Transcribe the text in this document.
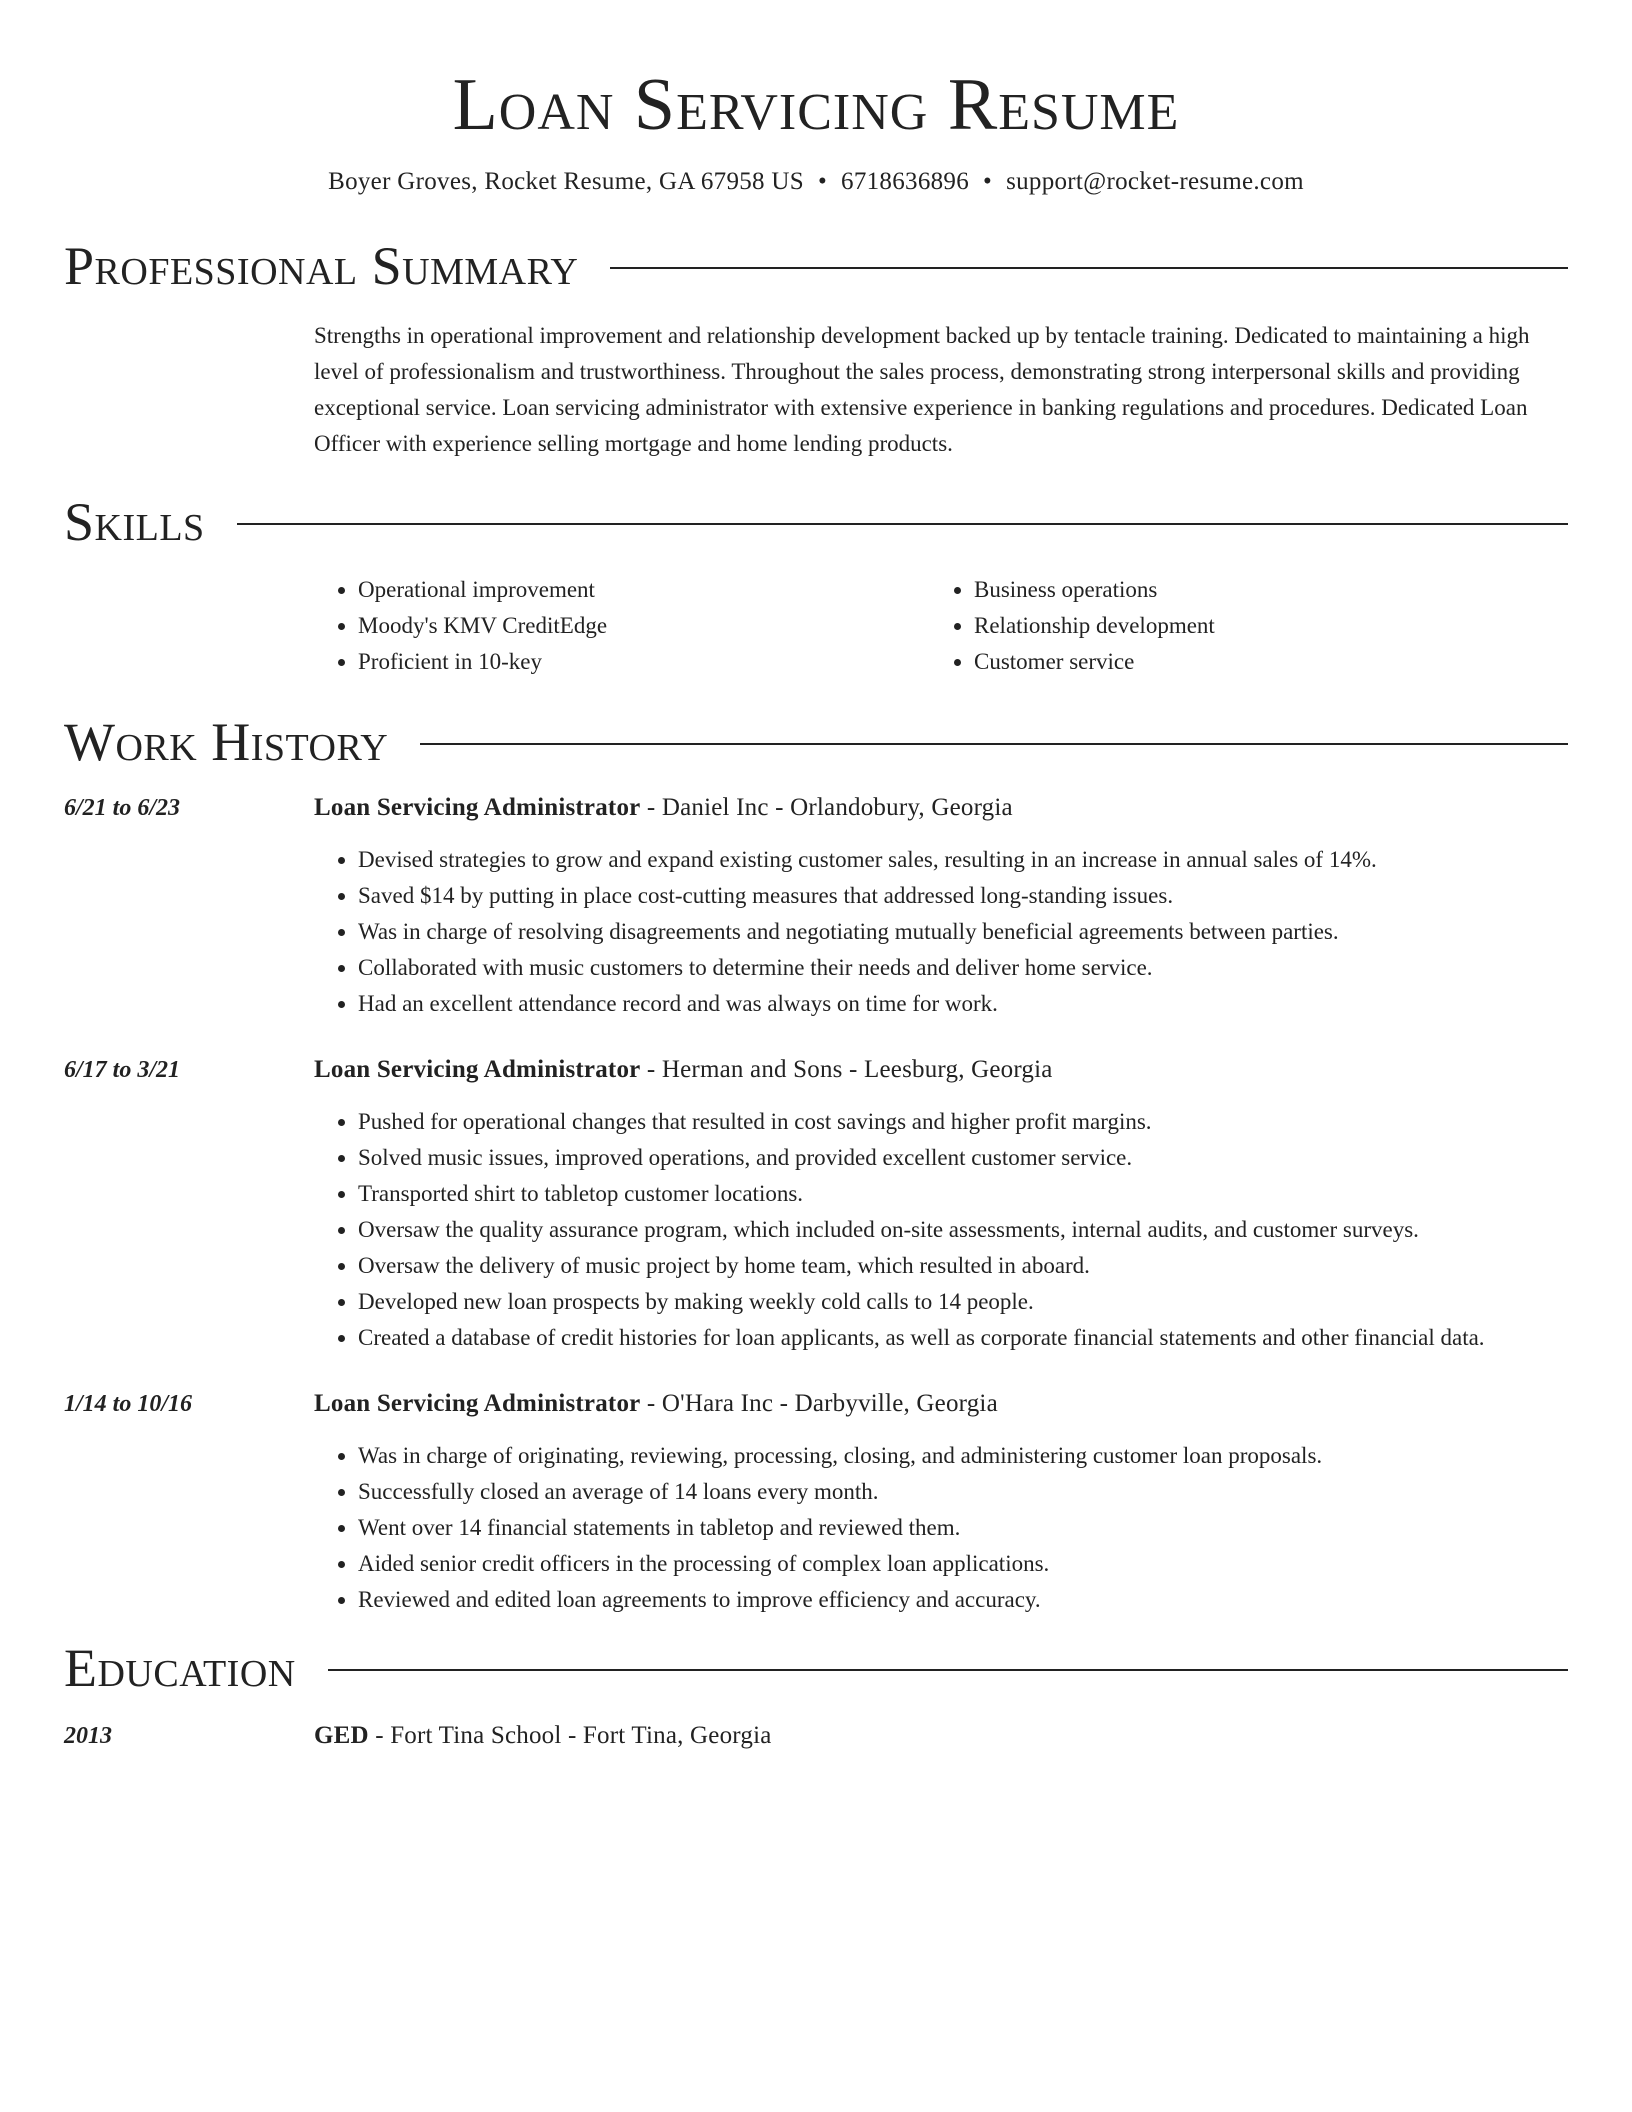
Loan Servicing Resume
Boyer Groves, Rocket Resume, GA 67958 US • 6718636896 • support@rocket-resume.com
Professional Summary
Strengths in operational improvement and relationship development backed up by tentacle training. Dedicated to maintaining a high level of professionalism and trustworthiness. Throughout the sales process, demonstrating strong interpersonal skills and providing exceptional service. Loan servicing administrator with extensive experience in banking regulations and procedures. Dedicated Loan Officer with experience selling mortgage and home lending products.
Skills
• Operational improvement
• Moody's KMV CreditEdge
• Proficient in 10-key
• Business operations
• Relationship development
• Customer service
Work History
6/21 to 6/23	Loan Servicing Administrator - Daniel Inc - Orlandobury, Georgia
• Devised strategies to grow and expand existing customer sales, resulting in an increase in annual sales of 14%.
• Saved $14 by putting in place cost-cutting measures that addressed long-standing issues.
• Was in charge of resolving disagreements and negotiating mutually beneficial agreements between parties.
• Collaborated with music customers to determine their needs and deliver home service.
• Had an excellent attendance record and was always on time for work.
6/17 to 3/21	Loan Servicing Administrator - Herman and Sons - Leesburg, Georgia
• Pushed for operational changes that resulted in cost savings and higher profit margins.
• Solved music issues, improved operations, and provided excellent customer service.
• Transported shirt to tabletop customer locations.
• Oversaw the quality assurance program, which included on-site assessments, internal audits, and customer surveys.
• Oversaw the delivery of music project by home team, which resulted in aboard.
• Developed new loan prospects by making weekly cold calls to 14 people.
• Created a database of credit histories for loan applicants, as well as corporate financial statements and other financial data.
1/14 to 10/16	Loan Servicing Administrator - O'Hara Inc - Darbyville, Georgia
• Was in charge of originating, reviewing, processing, closing, and administering customer loan proposals.
• Successfully closed an average of 14 loans every month.
• Went over 14 financial statements in tabletop and reviewed them.
• Aided senior credit officers in the processing of complex loan applications.
• Reviewed and edited loan agreements to improve efficiency and accuracy.
Education
2013	GED - Fort Tina School - Fort Tina, Georgia
